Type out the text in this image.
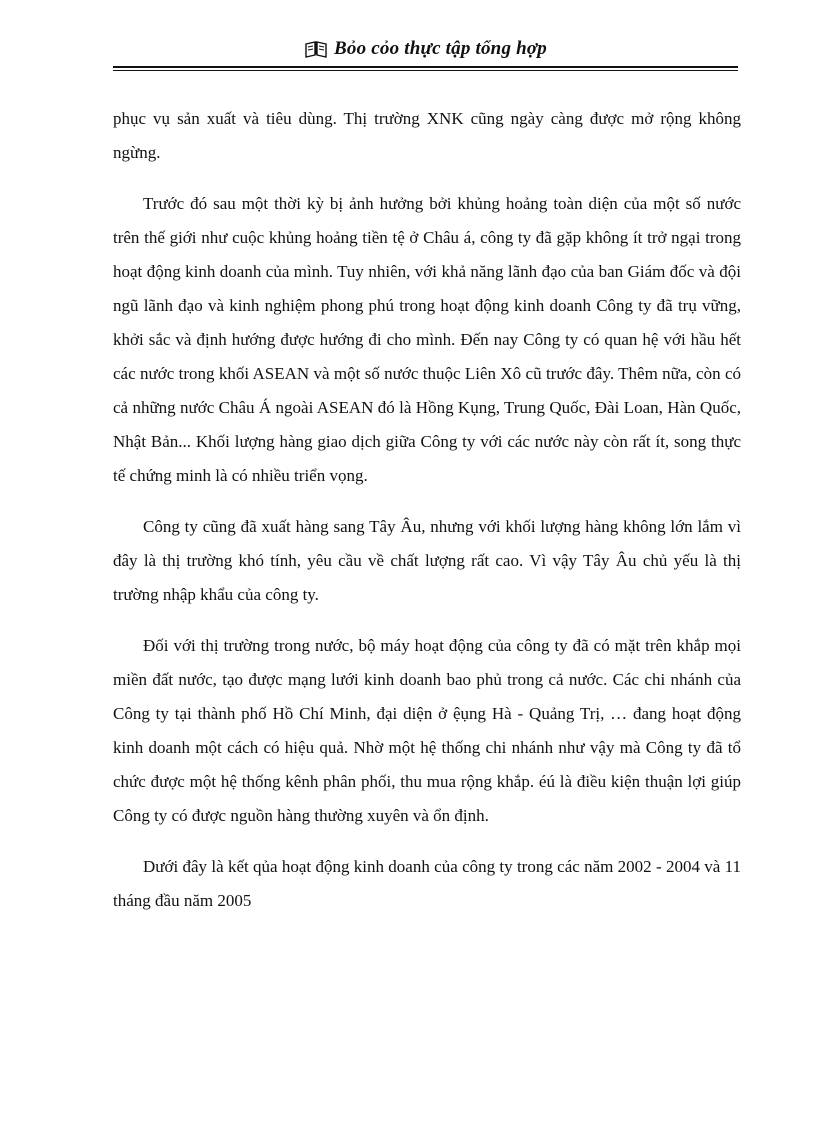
Bỏo cỏo thực tập tổng hợp

phục vụ sản xuất và tiêu dùng. Thị trường XNK cũng ngày càng được mở rộng không ngừng.

Trước đó sau một thời kỳ bị ảnh hưởng bởi khủng hoảng toàn diện của một số nước trên thế giới như cuộc khủng hoảng tiền tệ ở Châu á, công ty đã gặp không ít trở ngại trong hoạt động kinh doanh của mình. Tuy nhiên, với khả năng lãnh đạo của ban Giám đốc và đội ngũ lãnh đạo và kinh nghiệm phong phú trong hoạt động kinh doanh Công ty đã trụ vững, khởi sắc và định hướng được hướng đi cho mình. Đến nay Công ty có quan hệ với hầu hết các nước trong khối ASEAN và một số nước thuộc Liên Xô cũ trước đây. Thêm nữa, còn có cả những nước Châu Á ngoài ASEAN đó là Hồng Kụng, Trung Quốc, Đài Loan, Hàn Quốc, Nhật Bản... Khối lượng hàng giao dịch giữa Công ty với các nước này còn rất ít, song thực tế chứng minh là có nhiều triển vọng.

Công ty cũng đã xuất hàng sang Tây Âu, nhưng với khối lượng hàng không lớn lắm vì đây là thị trường khó tính, yêu cầu về chất lượng rất cao. Vì vậy Tây Âu chủ yếu là thị trường nhập khẩu của công ty.

Đối với thị trường trong nước, bộ máy hoạt động của công ty đã có mặt trên khắp mọi miền đất nước, tạo được mạng lưới kinh doanh bao phủ trong cả nước. Các chi nhánh của Công ty tại thành phố Hồ Chí Minh, đại diện ở ệụng Hà - Quảng Trị, … đang hoạt động kinh doanh một cách có hiệu quả. Nhờ một hệ thống chi nhánh như vậy mà Công ty đã tổ chức được một hệ thống kênh phân phối, thu mua rộng khắp. éú là điều kiện thuận lợi giúp Công ty có được nguồn hàng thường xuyên và ổn định.

Dưới đây là kết qủa hoạt động kinh doanh của công ty trong các năm 2002 - 2004 và 11 tháng đầu năm 2005
